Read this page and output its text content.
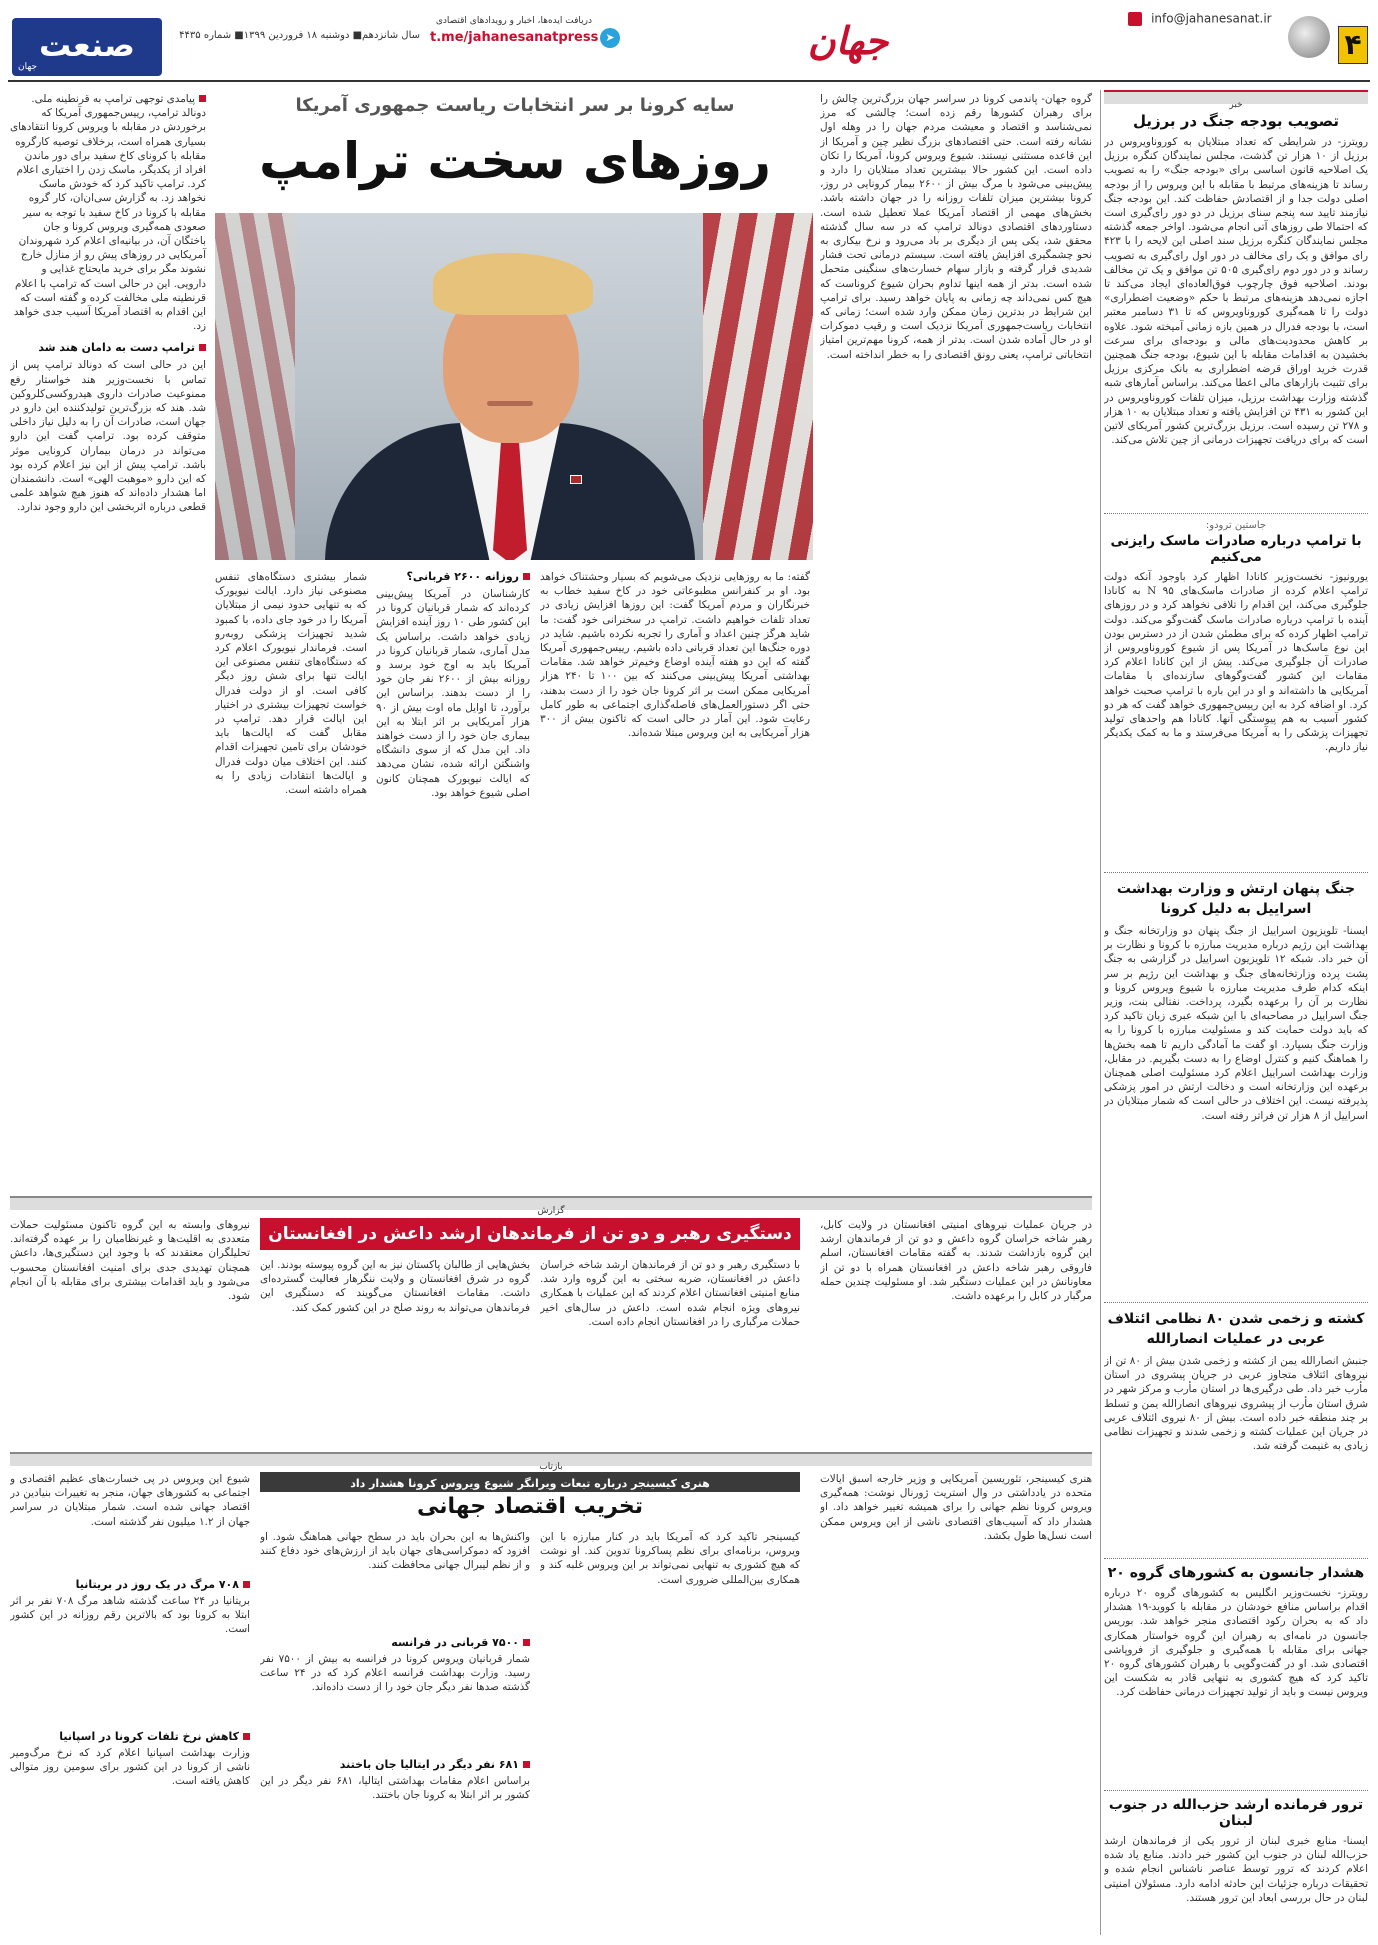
۴
info@jahanesanat.ir
جهان
دریافت ایده‌ها، اخبار و رویدادهای اقتصادی
t.me/jahanesanatpress ➤
سال شانزدهم■ دوشنبه ۱۸ فروردین ۱۳۹۹■ شماره ۴۴۳۵
صنعت
جهان
خبر
تصویب بودجه جنگ در برزیل
رویترز- در شرایطی که تعداد مبتلایان به کوروناویروس در برزیل از ۱۰ هزار تن گذشت، مجلس نمایندگان کنگره برزیل یک اصلاحیه قانون اساسی برای «بودجه جنگ» را به تصویب رساند تا هزینه‌های مرتبط با مقابله با این ویروس را از بودجه اصلی دولت جدا و از اقتصادش حفاظت کند. این بودجه جنگ نیازمند تایید سه پنجم سنای برزیل در دو دور رای‌گیری است که احتمالا طی روزهای آتی انجام می‌شود. اواخر جمعه گذشته مجلس نمایندگان کنگره برزیل سند اصلی این لایحه را با ۴۲۳ رای موافق و یک رای مخالف در دور اول رای‌گیری به تصویب رساند و در دور دوم رای‌گیری ۵۰۵ تن موافق و یک تن مخالف بودند. اصلاحیه فوق چارچوب فوق‌العاده‌ای ایجاد می‌کند تا اجازه نمی‌دهد هزینه‌های مرتبط با حکم «وضعیت اضطراری» دولت را تا همه‌گیری کوروناویروس که تا ۳۱ دسامبر معتبر است، با بودجه فدرال در همین بازه زمانی آمیخته شود. علاوه بر کاهش محدودیت‌های مالی و بودجه‌ای برای سرعت بخشیدن به اقدامات مقابله با این شیوع، بودجه جنگ همچنین قدرت خرید اوراق قرضه اضطراری به بانک مرکزی برزیل برای تثبیت بازارهای مالی اعطا می‌کند. براساس آمارهای شبه گذشته وزارت بهداشت برزیل، میزان تلفات کوروناویروس در این کشور به ۴۳۱ تن افزایش یافته و تعداد مبتلایان به ۱۰ هزار و ۲۷۸ تن رسیده است. برزیل بزرگ‌ترین کشور آمریکای لاتین است که برای دریافت تجهیزات درمانی از چین تلاش می‌کند.
جاستین ترودو:
با ترامپ درباره صادرات ماسک رایزنی می‌کنیم
یورونیوز- نخست‌وزیر کانادا اظهار کرد باوجود آنکه دولت ترامپ اعلام کرده از صادرات ماسک‌های ۹۵ N به کانادا جلوگیری می‌کند، این اقدام را تلافی نخواهد کرد و در روزهای آینده با ترامپ درباره صادرات ماسک گفت‌وگو می‌کند. دولت ترامپ اظهار کرده که برای مطمئن شدن از در دسترس بودن این نوع ماسک‌ها در آمریکا پس از شیوع کوروناویروس از صادرات آن جلوگیری می‌کند. پیش از این کانادا اعلام کرد مقامات این کشور گفت‌وگوهای سازنده‌ای با مقامات آمریکایی ها داشته‌اند و او در این باره با ترامپ صحبت خواهد کرد. او اضافه کرد به این رییس‌جمهوری خواهد گفت که هر دو کشور آسیب به هم پیوستگی آنها. کانادا هم واحدهای تولید تجهیزات پزشکی را به آمریکا می‌فرستد و ما به کمک یکدیگر نیاز داریم.
جنگ پنهان ارتش و وزارت بهداشت اسراییل به دلیل کرونا
ایسنا- تلویزیون اسراییل از جنگ پنهان دو وزارتخانه جنگ و بهداشت این رژیم درباره مدیریت مبارزه با کرونا و نظارت بر آن خبر داد. شبکه ۱۲ تلویزیون اسراییل در گزارشی به جنگ پشت پرده وزارتخانه‌های جنگ و بهداشت این رژیم بر سر اینکه کدام طرف مدیریت مبارزه با شیوع ویروس کرونا و نظارت بر آن را برعهده بگیرد، پرداخت. نفتالی بنت، وزیر جنگ اسراییل در مصاحبه‌ای با این شبکه عبری زبان تاکید کرد که باید دولت حمایت کند و مسئولیت مبارزه با کرونا را به وزارت جنگ بسپارد. او گفت ما آمادگی داریم تا همه بخش‌ها را هماهنگ کنیم و کنترل اوضاع را به دست بگیریم. در مقابل، وزارت بهداشت اسراییل اعلام کرد مسئولیت اصلی همچنان برعهده این وزارتخانه است و دخالت ارتش در امور پزشکی پذیرفته نیست. این اختلاف در حالی است که شمار مبتلایان در اسراییل از ۸ هزار تن فراتر رفته است.
کشته و زخمی شدن ۸۰ نظامی ائتلاف عربی در عملیات انصارالله
جنبش انصارالله یمن از کشته و زخمی شدن بیش از ۸۰ تن از نیروهای ائتلاف متجاوز عربی در جریان پیشروی در استان مأرب خبر داد. طی درگیری‌ها در استان مأرب و مرکز شهر در شرق استان مأرب از پیشروی نیروهای انصارالله یمن و تسلط بر چند منطقه خبر داده است. بیش از ۸۰ نیروی ائتلاف عربی در جریان این عملیات کشته و زخمی شدند و تجهیزات نظامی زیادی به غنیمت گرفته شد.
هشدار جانسون به کشورهای گروه ۲۰
رویترز- نخست‌وزیر انگلیس به کشورهای گروه ۲۰ درباره اقدام براساس منافع خودشان در مقابله با کووید-۱۹ هشدار داد که به بحران رکود اقتصادی منجر خواهد شد. بوریس جانسون در نامه‌ای به رهبران این گروه خواستار همکاری جهانی برای مقابله با همه‌گیری و جلوگیری از فروپاشی اقتصادی شد. او در گفت‌وگویی با رهبران کشورهای گروه ۲۰ تاکید کرد که هیچ کشوری به تنهایی قادر به شکست این ویروس نیست و باید از تولید تجهیزات درمانی حفاظت کرد.
ترور فرمانده ارشد حزب‌الله در جنوب لبنان
ایسنا- منابع خبری لبنان از ترور یکی از فرماندهان ارشد حزب‌الله لبنان در جنوب این کشور خبر دادند. منابع یاد شده اعلام کردند که ترور توسط عناصر ناشناس انجام شده و تحقیقات درباره جزئیات این حادثه ادامه دارد. مسئولان امنیتی لبنان در حال بررسی ابعاد این ترور هستند.
گروه جهان- پاندمی کرونا در سراسر جهان بزرگ‌ترین چالش را برای رهبران کشورها رقم زده است؛ چالشی که مرز نمی‌شناسد و اقتصاد و معیشت مردم جهان را در وهله اول نشانه رفته است. حتی اقتصادهای بزرگ نظیر چین و آمریکا از این قاعده مستثنی نیستند. شیوع ویروس کرونا، آمریکا را تکان داده است. این کشور حالا بیشترین تعداد مبتلایان را دارد و پیش‌بینی می‌شود با مرگ بیش از ۲۶۰۰ بیمار کرونایی در روز، کرونا بیشترین میزان تلفات روزانه را در جهان داشته باشد. بخش‌های مهمی از اقتصاد آمریکا عملا تعطیل شده است. دستاوردهای اقتصادی دونالد ترامپ که در سه سال گذشته محقق شد، یکی پس از دیگری بر باد می‌رود و نرخ بیکاری به نحو چشمگیری افزایش یافته است. سیستم درمانی تحت فشار شدیدی قرار گرفته و بازار سهام خسارت‌های سنگینی متحمل شده است. بدتر از همه اینها تداوم بحران شیوع کروناست که هیچ کس نمی‌داند چه زمانی به پایان خواهد رسید. برای ترامپ این شرایط در بدترین زمان ممکن وارد شده است؛ زمانی که انتخابات ریاست‌جمهوری آمریکا نزدیک است و رقیب دموکرات او در حال آماده شدن است. بدتر از همه، کرونا مهم‌ترین امتیاز انتخاباتی ترامپ، یعنی رونق اقتصادی را به خطر انداخته است.
سایه کرونا بر سر انتخابات ریاست جمهوری آمریکا
روزهای سخت ترامپ
گفته: ما به روزهایی نزدیک می‌شویم که بسیار وحشتناک خواهد بود. او بر کنفرانس مطبوعاتی خود در کاخ سفید خطاب به خبرنگاران و مردم آمریکا گفت: این روزها افزایش زیادی در تعداد تلفات خواهیم داشت. ترامپ در سخنرانی خود گفت: ما شاید هرگز چنین اعداد و آماری را تجربه نکرده باشیم. شاید در دوره جنگ‌ها این تعداد قربانی داده باشیم. رییس‌جمهوری آمریکا گفته که این دو هفته آینده اوضاع وخیم‌تر خواهد شد. مقامات بهداشتی آمریکا پیش‌بینی می‌کنند که بین ۱۰۰ تا ۲۴۰ هزار آمریکایی ممکن است بر اثر کرونا جان خود را از دست بدهند، حتی اگر دستورالعمل‌های فاصله‌گذاری اجتماعی به طور کامل رعایت شود. این آمار در حالی است که تاکنون بیش از ۳۰۰ هزار آمریکایی به این ویروس مبتلا شده‌اند.
روزانه ۲۶۰۰ قربانی؟
کارشناسان در آمریکا پیش‌بینی کرده‌اند که شمار قربانیان کرونا در این کشور طی ۱۰ روز آینده افزایش زیادی خواهد داشت. براساس یک مدل آماری، شمار قربانیان کرونا در آمریکا باید به اوج خود برسد و روزانه بیش از ۲۶۰۰ نفر جان خود را از دست بدهند. براساس این برآورد، تا اوایل ماه اوت بیش از ۹۰ هزار آمریکایی بر اثر ابتلا به این بیماری جان خود را از دست خواهند داد. این مدل که از سوی دانشگاه واشنگتن ارائه شده، نشان می‌دهد که ایالت نیویورک همچنان کانون اصلی شیوع خواهد بود.
شمار بیشتری دستگاه‌های تنفس مصنوعی نیاز دارد. ایالت نیویورک که به تنهایی حدود نیمی از مبتلایان آمریکا را در خود جای داده، با کمبود شدید تجهیزات پزشکی روبه‌رو است. فرماندار نیویورک اعلام کرد که دستگاه‌های تنفس مصنوعی این ایالت تنها برای شش روز دیگر کافی است. او از دولت فدرال خواست تجهیزات بیشتری در اختیار این ایالت قرار دهد. ترامپ در مقابل گفت که ایالت‌ها باید خودشان برای تامین تجهیزات اقدام کنند. این اختلاف میان دولت فدرال و ایالت‌ها انتقادات زیادی را به همراه داشته است.
پیامدی توجهی ترامپ به قرنطینه ملی. دونالد ترامپ، رییس‌جمهوری آمریکا که برخوردش در مقابله با ویروس کرونا انتقادهای بسیاری همراه است، برخلاف توصیه کارگروه مقابله با کرونای کاخ سفید برای دور ماندن افراد از یکدیگر، ماسک زدن را اختیاری اعلام کرد. ترامپ تاکید کرد که خودش ماسک نخواهد زد. به گزارش سی‌ان‌ان، کار گروه مقابله با کرونا در کاخ سفید با توجه به سیر صعودی همه‌گیری ویروس کرونا و جان باختگان آن، در بیانیه‌ای اعلام کرد شهروندان آمریکایی در روزهای پیش رو از منازل خارج نشوند مگر برای خرید مایحتاج غذایی و دارویی. این در حالی است که ترامپ با اعلام قرنطینه ملی مخالفت کرده و گفته است که این اقدام به اقتصاد آمریکا آسیب جدی خواهد زد.
ترامپ دست به دامان هند شد
این در حالی است که دونالد ترامپ پس از تماس با نخست‌وزیر هند خواستار رفع ممنوعیت صادرات داروی هیدروکسی‌کلروکین شد. هند که بزرگ‌ترین تولیدکننده این دارو در جهان است، صادرات آن را به دلیل نیاز داخلی متوقف کرده بود. ترامپ گفت این دارو می‌تواند در درمان بیماران کرونایی موثر باشد. ترامپ پیش از این نیز اعلام کرده بود که این دارو «موهبت الهی» است. دانشمندان اما هشدار داده‌اند که هنوز هیچ شواهد علمی قطعی درباره اثربخشی این دارو وجود ندارد.
گزارش
دستگیری رهبر و دو تن از فرماندهان ارشد داعش در افغانستان	در جریان عملیات نیروهای امنیتی افغانستان در ولایت کابل، رهبر شاخه خراسان گروه داعش و دو تن از فرماندهان ارشد این گروه بازداشت شدند. به گفته مقامات افغانستان، اسلم فاروقی رهبر شاخه داعش در افغانستان همراه با دو تن از معاونانش در این عملیات دستگیر شد. او مسئولیت چندین حمله مرگبار در کابل را برعهده داشت.
با دستگیری رهبر و دو تن از فرماندهان ارشد شاخه خراسان داعش در افغانستان، ضربه سختی به این گروه وارد شد. منابع امنیتی افغانستان اعلام کردند که این عملیات با همکاری نیروهای ویژه انجام شده است. داعش در سال‌های اخیر حملات مرگباری را در افغانستان انجام داده است.
بخش‌هایی از طالبان پاکستان نیز به این گروه پیوسته بودند. این گروه در شرق افغانستان و ولایت ننگرهار فعالیت گسترده‌ای داشت. مقامات افغانستان می‌گویند که دستگیری این فرماندهان می‌تواند به روند صلح در این کشور کمک کند.
نیروهای وابسته به این گروه تاکنون مسئولیت حملات متعددی به اقلیت‌ها و غیرنظامیان را بر عهده گرفته‌اند. تحلیلگران معتقدند که با وجود این دستگیری‌ها، داعش همچنان تهدیدی جدی برای امنیت افغانستان محسوب می‌شود و باید اقدامات بیشتری برای مقابله با آن انجام شود.
بازتاب
هنری کیسینجر درباره تبعات ویرانگر شیوع ویروس کرونا هشدار داد
تخریب اقتصاد جهانی
هنری کیسینجر، تئوریسین آمریکایی و وزیر خارجه اسبق ایالات متحده در یادداشتی در وال استریت ژورنال نوشت: همه‌گیری ویروس کرونا نظم جهانی را برای همیشه تغییر خواهد داد. او هشدار داد که آسیب‌های اقتصادی ناشی از این ویروس ممکن است نسل‌ها طول بکشد.
کیسینجر تاکید کرد که آمریکا باید در کنار مبارزه با این ویروس، برنامه‌ای برای نظم پساکرونا تدوین کند. او نوشت که هیچ کشوری به تنهایی نمی‌تواند بر این ویروس غلبه کند و همکاری بین‌المللی ضروری است.
واکنش‌ها به این بحران باید در سطح جهانی هماهنگ شود. او افزود که دموکراسی‌های جهان باید از ارزش‌های خود دفاع کنند و از نظم لیبرال جهانی محافظت کنند.
۷۵۰۰ قربانی در فرانسه
شمار قربانیان ویروس کرونا در فرانسه به بیش از ۷۵۰۰ نفر رسید. وزارت بهداشت فرانسه اعلام کرد که در ۲۴ ساعت گذشته صدها نفر دیگر جان خود را از دست داده‌اند.
۶۸۱ نفر دیگر در ایتالیا جان باختند
براساس اعلام مقامات بهداشتی ایتالیا، ۶۸۱ نفر دیگر در این کشور بر اثر ابتلا به کرونا جان باختند.
شیوع این ویروس در پی خسارت‌های عظیم اقتصادی و اجتماعی به کشورهای جهان، منجر به تغییرات بنیادین در اقتصاد جهانی شده است. شمار مبتلایان در سراسر جهان از ۱.۲ میلیون نفر گذشته است.
۷۰۸ مرگ در یک روز در بریتانیا
بریتانیا در ۲۴ ساعت گذشته شاهد مرگ ۷۰۸ نفر بر اثر ابتلا به کرونا بود که بالاترین رقم روزانه در این کشور است.
کاهش نرخ تلفات کرونا در اسپانیا
وزارت بهداشت اسپانیا اعلام کرد که نرخ مرگ‌ومیر ناشی از کرونا در این کشور برای سومین روز متوالی کاهش یافته است.
